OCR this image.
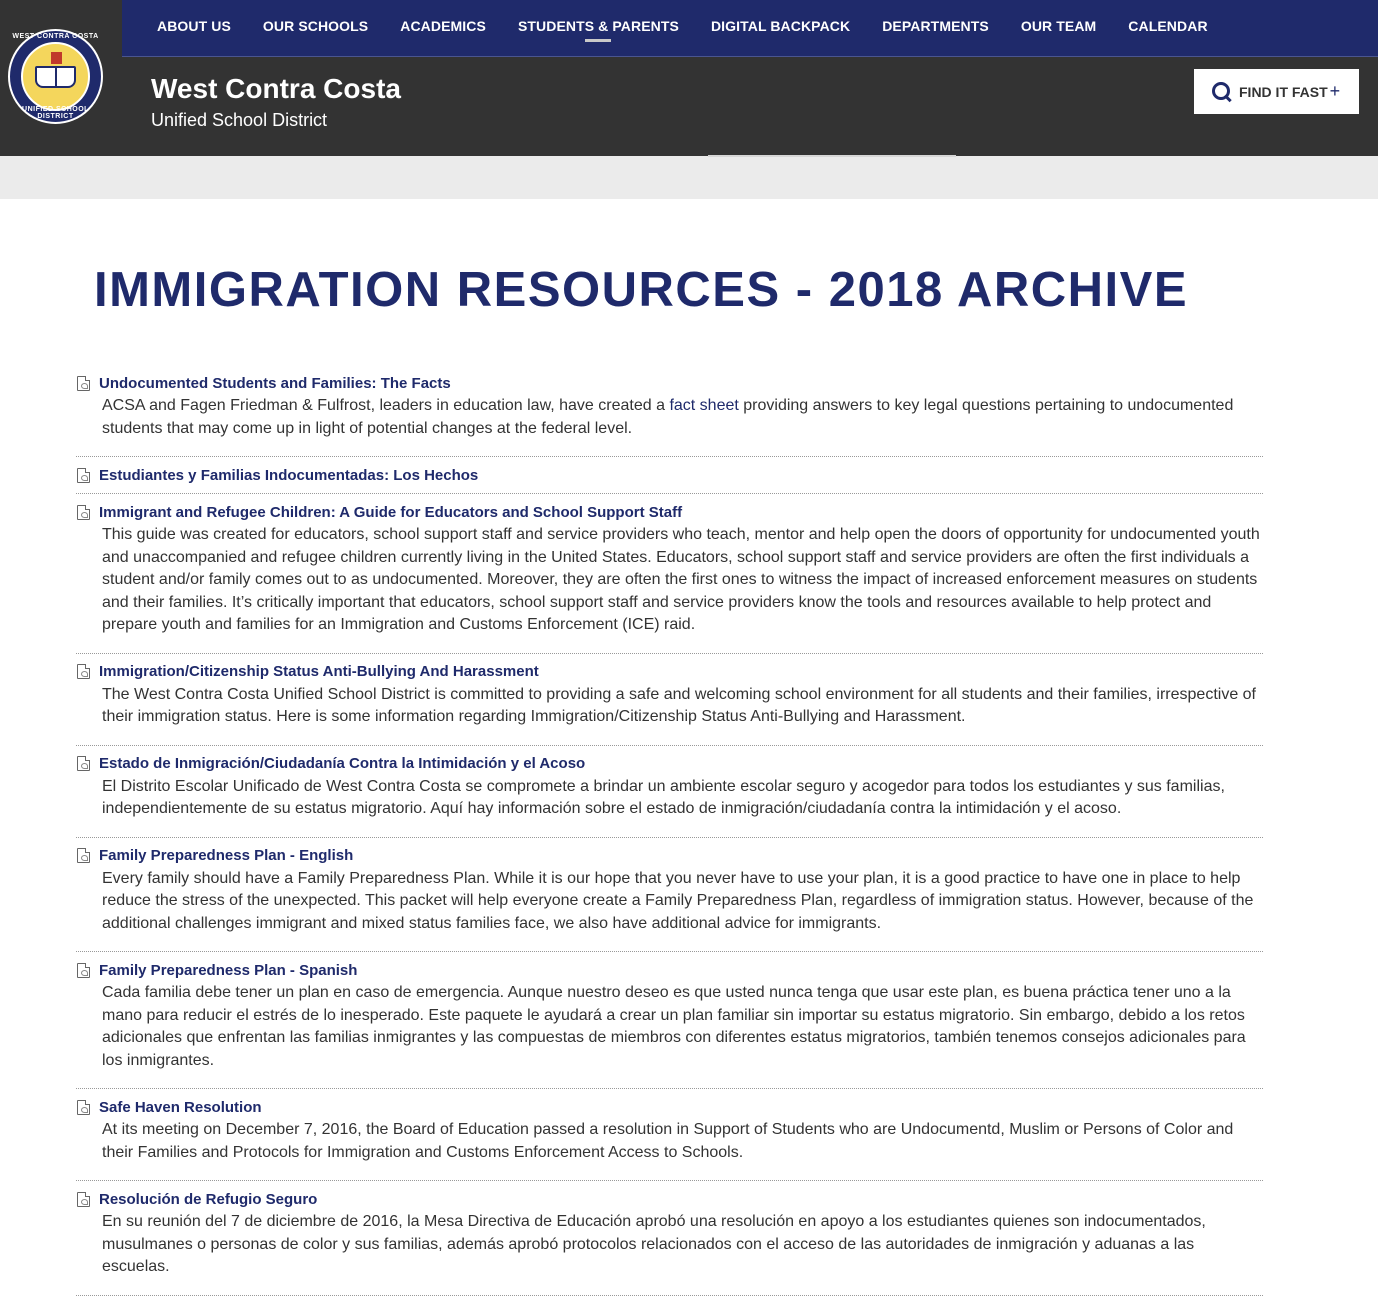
WEST CONTRA COSTA
UNIFIED SCHOOL DISTRICT
ABOUT US	OUR SCHOOLS	ACADEMICS	STUDENTS & PARENTS	DIGITAL BACKPACK	DEPARTMENTS	OUR TEAM	CALENDAR
West Contra Costa
Unified School District
FIND IT FAST +
IMMIGRATION RESOURCES - 2018 ARCHIVE
Undocumented Students and Families: The Facts
ACSA and Fagen Friedman & Fulfrost, leaders in education law, have created a fact sheet providing answers to key legal questions pertaining to undocumented students that may come up in light of potential changes at the federal level.
Estudiantes y Familias Indocumentadas: Los Hechos
Immigrant and Refugee Children: A Guide for Educators and School Support Staff
This guide was created for educators, school support staff and service providers who teach, mentor and help open the doors of opportunity for undocumented youth and unaccompanied and refugee children currently living in the United States. Educators, school support staff and service providers are often the first individuals a student and/or family comes out to as undocumented. Moreover, they are often the first ones to witness the impact of increased enforcement measures on students and their families. It’s critically important that educators, school support staff and service providers know the tools and resources available to help protect and prepare youth and families for an Immigration and Customs Enforcement (ICE) raid.
Immigration/Citizenship Status Anti-Bullying And Harassment
The West Contra Costa Unified School District is committed to providing a safe and welcoming school environment for all students and their families, irrespective of their immigration status. Here is some information regarding Immigration/Citizenship Status Anti-Bullying and Harassment.
Estado de Inmigración/Ciudadanía Contra la Intimidación y el Acoso
El Distrito Escolar Unificado de West Contra Costa se compromete a brindar un ambiente escolar seguro y acogedor para todos los estudiantes y sus familias, independientemente de su estatus migratorio. Aquí hay información sobre el estado de inmigración/ciudadanía contra la intimidación y el acoso.
Family Preparedness Plan - English
Every family should have a Family Preparedness Plan. While it is our hope that you never have to use your plan, it is a good practice to have one in place to help reduce the stress of the unexpected. This packet will help everyone create a Family Preparedness Plan, regardless of immigration status. However, because of the additional challenges immigrant and mixed status families face, we also have additional advice for immigrants.
Family Preparedness Plan - Spanish
Cada familia debe tener un plan en caso de emergencia. Aunque nuestro deseo es que usted nunca tenga que usar este plan, es buena práctica tener uno a la mano para reducir el estrés de lo inesperado. Este paquete le ayudará a crear un plan familiar sin importar su estatus migratorio. Sin embargo, debido a los retos adicionales que enfrentan las familias inmigrantes y las compuestas de miembros con diferentes estatus migratorios, también tenemos consejos adicionales para los inmigrantes.
Safe Haven Resolution
At its meeting on December 7, 2016, the Board of Education passed a resolution in Support of Students who are Undocumentd, Muslim or Persons of Color and their Families and Protocols for Immigration and Customs Enforcement Access to Schools.
Resolución de Refugio Seguro
En su reunión del 7 de diciembre de 2016, la Mesa Directiva de Educación aprobó una resolución en apoyo a los estudiantes quienes son indocumentados, musulmanes o personas de color y sus familias, además aprobó protocolos relacionados con el acceso de las autoridades de inmigración y aduanas a las escuelas.
